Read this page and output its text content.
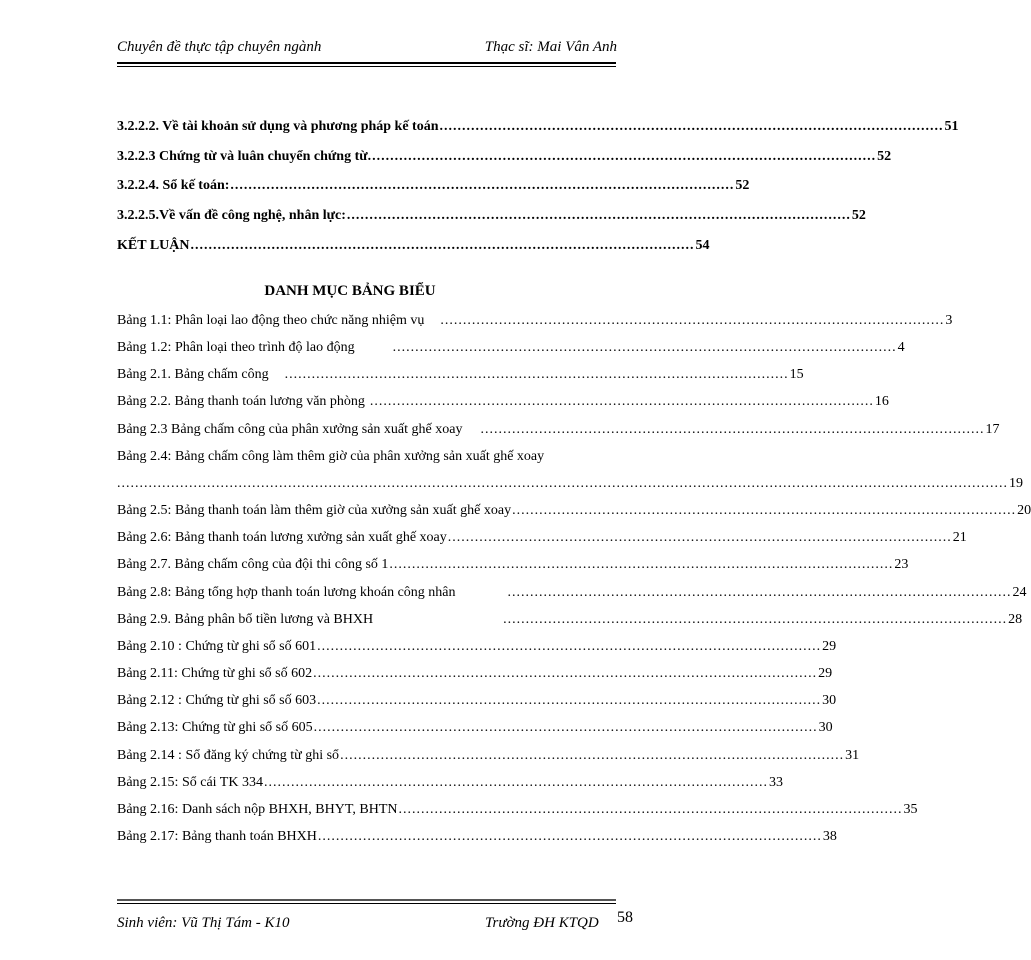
Chuyên đề thực tập chuyên ngành	Thạc sĩ: Mai Vân Anh
3.2.2.2. Về tài khoản sử dụng và phương pháp kế toán ................................................................................................................ 51
3.2.2.3 Chứng từ và luân chuyển chứng từ. ................................................................................................................ 52
3.2.2.4. Sổ kế toán: ................................................................................................................ 52
3.2.2.5.Về vấn đề công nghệ, nhân lực: ................................................................................................................ 52
KẾT LUẬN ................................................................................................................ 54
DANH MỤC BẢNG BIỂU
Bảng 1.1: Phân loại lao động theo chức năng nhiệm vụ ................................................................................................................ 3
Bảng 1.2: Phân loại theo trình độ lao động	................................................................................................................ 4
Bảng 2.1. Bảng chấm công ................................................................................................................ 15
Bảng 2.2. Bảng thanh toán lương văn phòng ................................................................................................................ 16
Bảng 2.3 Bảng chấm công của phân xưởng sản xuất ghế xoay ................................................................................................................ 17
Bảng 2.4: Bảng chấm công làm thêm giờ của phân xưởng sản xuất ghế xoay
...................................................................................................................................................................................................... 19
Bảng 2.5: Bảng thanh toán làm thêm giờ của xưởng sản xuất ghế xoay ................................................................................................................ 20
Bảng 2.6: Bảng thanh toán lương xưởng sản xuất ghế xoay ................................................................................................................ 21
Bảng 2.7. Bảng chấm công của đội thi công số 1 ................................................................................................................ 23
Bảng 2.8: Bảng tổng hợp thanh toán lương khoán công nhân	................................................................................................................ 24
Bảng 2.9. Bảng phân bổ tiền lương và BHXH	................................................................................................................ 28
Bảng 2.10 : Chứng từ ghi sổ số 601 ................................................................................................................ 29
Bảng 2.11: Chứng từ ghi sổ số 602 ................................................................................................................ 29
Bảng 2.12 : Chứng từ ghi sổ số 603 ................................................................................................................ 30
Bảng 2.13: Chứng từ ghi sổ số 605 ................................................................................................................ 30
Bảng 2.14 : Sổ đăng ký chứng từ ghi sổ ................................................................................................................ 31
Bảng 2.15: Sổ cái TK 334 ................................................................................................................ 33
Bảng 2.16: Danh sách nộp BHXH, BHYT, BHTN ................................................................................................................ 35
Bảng 2.17: Bảng thanh toán BHXH ................................................................................................................ 38
Sinh viên: Vũ Thị Tám - K10	Trường ĐH KTQD 58
